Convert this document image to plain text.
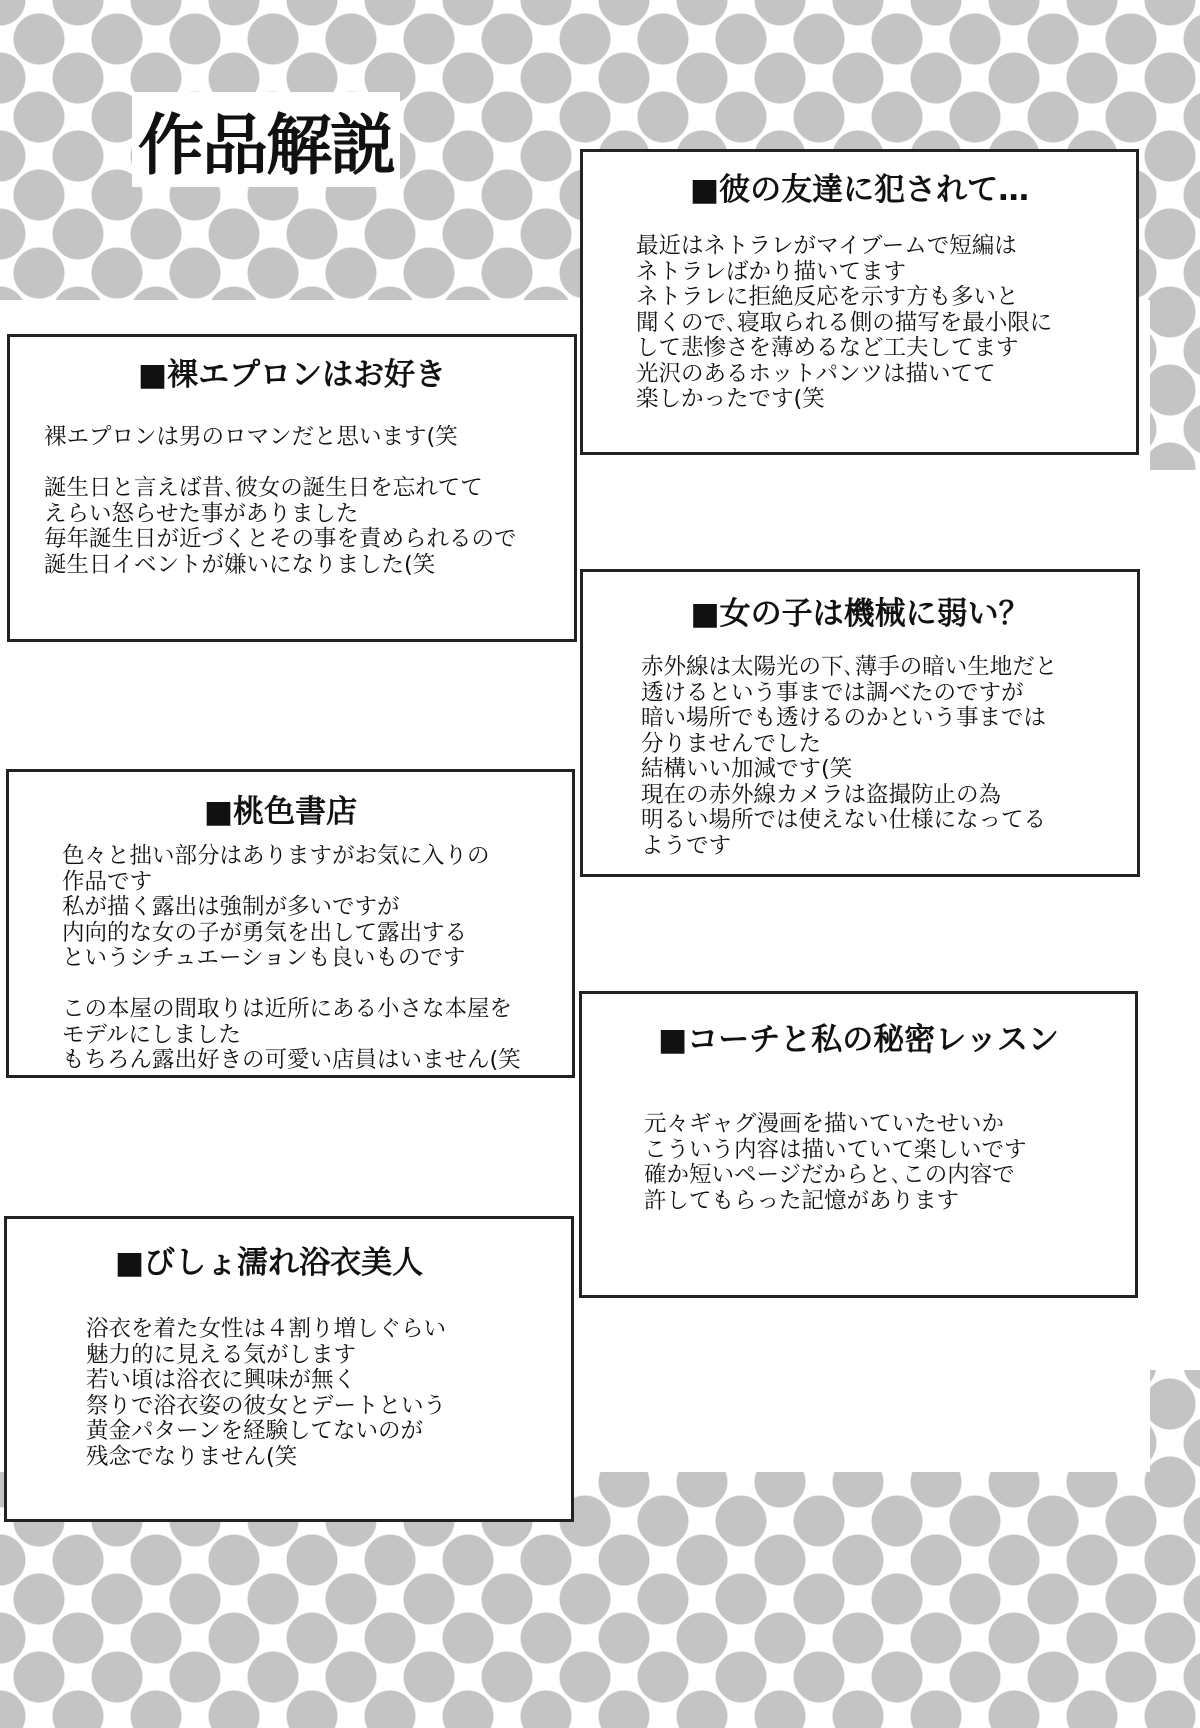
作品解説
■裸エプロンはお好き
裸エプロンは男のロマンだと思います(笑
誕生日と言えば昔､彼女の誕生日を忘れてて
えらい怒らせた事がありました
毎年誕生日が近づくとその事を責められるので
誕生日イベントが嫌いになりました(笑
■彼の友達に犯されて…
最近はネトラレがマイブームで短編は
ネトラレばかり描いてます
ネトラレに拒絶反応を示す方も多いと
聞くので､寝取られる側の描写を最小限に
して悲惨さを薄めるなど工夫してます
光沢のあるホットパンツは描いてて
楽しかったです(笑
■女の子は機械に弱い？
赤外線は太陽光の下､薄手の暗い生地だと
透けるという事までは調べたのですが
暗い場所でも透けるのかという事までは
分りませんでした
結構いい加減です(笑
現在の赤外線カメラは盗撮防止の為
明るい場所では使えない仕様になってる
ようです
■桃色書店
色々と拙い部分はありますがお気に入りの
作品です
私が描く露出は強制が多いですが
内向的な女の子が勇気を出して露出する
というシチュエーションも良いものです
この本屋の間取りは近所にある小さな本屋を
モデルにしました
もちろん露出好きの可愛い店員はいません(笑
■コーチと私の秘密レッスン
元々ギャグ漫画を描いていたせいか
こういう内容は描いていて楽しいです
確か短いページだからと､この内容で
許してもらった記憶があります
■びしょ濡れ浴衣美人
浴衣を着た女性は４割り増しぐらい
魅力的に見える気がします
若い頃は浴衣に興味が無く
祭りで浴衣姿の彼女とデートという
黄金パターンを経験してないのが
残念でなりません(笑
